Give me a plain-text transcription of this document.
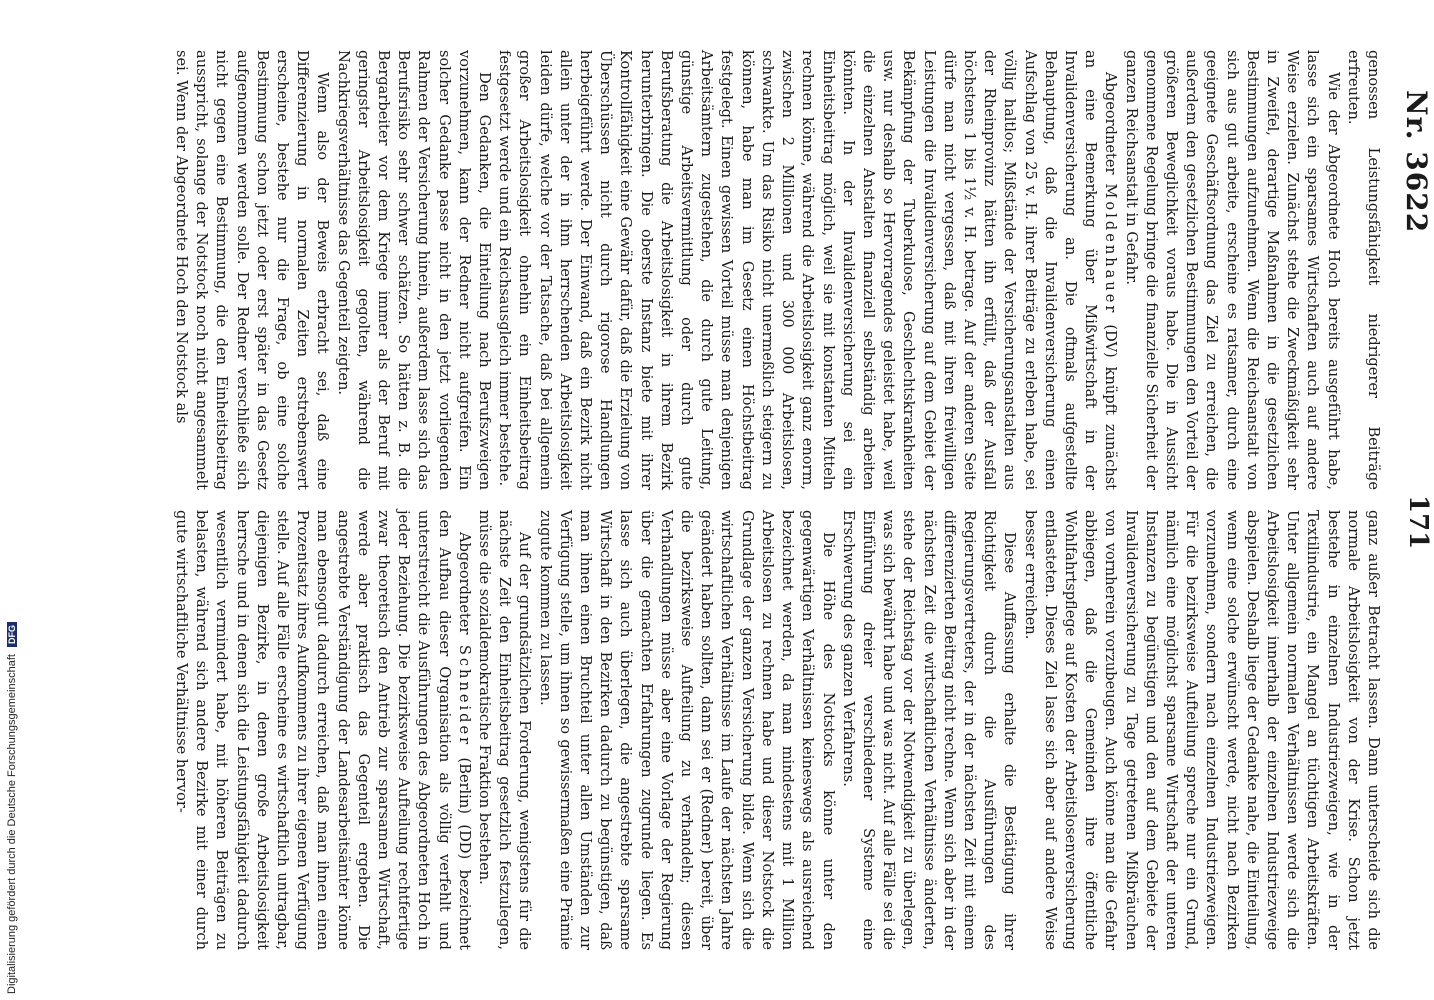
Nr. 3622
171

genossen Leistungsfähigkeit niedrigerer Beiträge erfreuten.

Wie der Abgeordnete Hoch bereits ausgeführt habe, lasse sich ein sparsames Wirtschaften auch auf andere Weise erzielen. Zunächst stehe die Zweckmäßigkeit sehr in Zweifel, derartige Maßnahmen in die gesetzlichen Bestimmungen aufzunehmen. Wenn die Reichsanstalt von sich aus gut arbeite, erscheine es ratsamer, durch eine geeignete Geschäftsordnung das Ziel zu erreichen, die außerdem den gesetzlichen Bestimmungen den Vorteil der größeren Beweglichkeit voraus habe. Die in Aussicht genommene Regelung bringe die finanzielle Sicherheit der ganzen Reichsanstalt in Gefahr.

Abgeordneter Moldenhauer (DV) knüpft zunächst an eine Bemerkung über Mißwirtschaft in der Invalidenversicherung an. Die oftmals aufgestellte Behauptung, daß die Invalidenversicherung einen Aufschlag von 25 v. H. ihrer Beiträge zu erleben habe, sei völlig haltlos; Mißstände der Versicherungsanstalten aus der Rheinprovinz hätten ihn erfüllt, daß der Ausfall höchstens 1 bis 1½ v. H. betrage. Auf der anderen Seite dürfe man nicht vergessen, daß mit ihren freiwilligen Leistungen die Invalidenversicherung auf dem Gebiet der Bekämpfung der Tuberkulose, Geschlechtskrankheiten usw. nur deshalb so Hervorragendes geleistet habe, weil die einzelnen Anstalten finanziell selbständig arbeiten könnten. In der Invalidenversicherung sei ein Einheitsbeitrag möglich, weil sie mit konstanten Mitteln rechnen könne, während die Arbeitslosigkeit ganz enorm, zwischen 2 Millionen und 300 000 Arbeitslosen, schwankte. Um das Risiko nicht unermeßlich steigern zu können, habe man im Gesetz einen Höchstbeitrag festgelegt. Einen gewissen Vorteil müsse man denjenigen Arbeitsämtern zugestehen, die durch gute Leitung, günstige Arbeitsvermittlung oder durch gute Berufsberatung die Arbeitslosigkeit in ihrem Bezirk herunterbringen. Die oberste Instanz biete mit ihrer Kontrollfähigkeit eine Gewähr dafür, daß die Erzielung von Überschüssen nicht durch rigorose Handlungen herbeigeführt werde. Der Einwand, daß ein Bezirk nicht allein unter der in ihm herrschenden Arbeitslosigkeit leiden dürfe, welche vor der Tatsache, daß bei allgemein großer Arbeitslosigkeit ohnehin ein Einheitsbeitrag festgesetzt werde und ein Reichsausgleich immer bestehe.

Den Gedanken, die Einteilung nach Berufszweigen vorzunehmen, kann der Redner nicht aufgreifen. Ein solcher Gedanke passe nicht in den jetzt vorliegenden Rahmen der Versicherung hinein, außerdem lasse sich das Berufsrisiko sehr schwer schätzen. So hätten z. B. die Bergarbeiter vor dem Kriege immer als der Beruf mit geringster Arbeitslosigkeit gegolten, während die Nachkriegsverhältnisse das Gegenteil zeigten.

Wenn also der Beweis erbracht sei, daß eine Differenzierung in normalen Zeiten erstrebenswert erscheine, bestehe nur die Frage, ob eine solche Bestimmung schon jetzt oder erst später in das Gesetz aufgenommen werden solle. Der Redner verschließe sich nicht gegen eine Bestimmung, die den Einheitsbeitrag ausspricht, solange der Notstock noch nicht angesammelt sei. Wenn der Abgeordnete Hoch den Notstock als

ganz außer Betracht lassen. Dann unterscheide sich die normale Arbeitslosigkeit von der Krise. Schon jetzt bestehe in einzelnen Industriezweigen, wie in der Textilindustrie, ein Mangel an tüchtigen Arbeitskräften. Unter allgemein normalen Verhältnissen werde sich die Arbeitslosigkeit innerhalb der einzelnen Industriezweige abspielen. Deshalb liege der Gedanke nahe, die Einteilung, wenn eine solche erwünscht werde, nicht nach Bezirken vorzunehmen, sondern nach einzelnen Industriezweigen. Für die bezirksweise Aufteilung spreche nur ein Grund, nämlich eine möglichst sparsame Wirtschaft der unteren Instanzen zu begünstigen und den auf dem Gebiete der Invalidenversicherung zu Tage getretenen Mißbräuchen von vornherein vorzubeugen. Auch könne man die Gefahr abbiegen, daß die Gemeinden ihre öffentliche Wohlfahrtspflege auf Kosten der Arbeitslosenversicherung entlasteten. Dieses Ziel lasse sich aber auf andere Weise besser erreichen.

Diese Auffassung erhalte die Bestätigung ihrer Richtigkeit durch die Ausführungen des Regierungsvertreters, der in der nächsten Zeit mit einem differenzierten Beitrag nicht rechne. Wenn sich aber in der nächsten Zeit die wirtschaftlichen Verhältnisse änderten, stehe der Reichstag vor der Notwendigkeit zu überlegen, was sich bewährt habe und was nicht. Auf alle Fälle sei die Einführung dreier verschiedener Systeme eine Erschwerung des ganzen Verfahrens.

Die Höhe des Notstocks könne unter den gegenwärtigen Verhältnissen keineswegs als ausreichend bezeichnet werden, da man mindestens mit 1 Million Arbeitslosen zu rechnen habe und dieser Notstock die Grundlage der ganzen Versicherung bilde. Wenn sich die wirtschaftlichen Verhältnisse im Laufe der nächsten Jahre geändert haben sollten, dann sei er (Redner) bereit, über die bezirksweise Aufteilung zu verhandeln; diesen Verhandlungen müsse aber eine Vorlage der Regierung über die gemachten Erfahrungen zugrunde liegen. Es lasse sich auch überlegen, die angestrebte sparsame Wirtschaft in den Bezirken dadurch zu begünstigen, daß man ihnen einen Bruchteil unter allen Umständen zur Verfügung stelle, um ihnen so gewissermaßen eine Prämie zugute kommen zu lassen.

Auf der grundsätzlichen Forderung, wenigstens für die nächste Zeit den Einheitsbeitrag gesetzlich festzulegen, müsse die sozialdemokratische Fraktion bestehen.

Abgeordneter Schneider (Berlin) (DD) bezeichnet den Aufbau dieser Organisation als völlig verfehlt und unterstreicht die Ausführungen des Abgeordneten Hoch in jeder Beziehung. Die bezirksweise Aufteilung rechtfertige zwar theoretisch den Antrieb zur sparsamen Wirtschaft, werde aber praktisch das Gegenteil ergeben. Die angestrebte Verständigung der Landesarbeitsämter könne man ebensogut dadurch erreichen, daß man ihnen einen Prozentsatz ihres Aufkommens zu ihrer eigenen Verfügung stelle. Auf alle Fälle erscheine es wirtschaftlich untragbar, diejenigen Bezirke, in denen große Arbeitslosigkeit herrsche und in denen sich die Leistungsfähigkeit dadurch wesentlich vermindert habe, mit höheren Beiträgen zu belasten, während sich andere Bezirke mit einer durch gute wirtschaftliche Verhältnisse hervor-

Digitalisierung gefördert durch die Deutsche Forschungsgemeinschaft DFG
